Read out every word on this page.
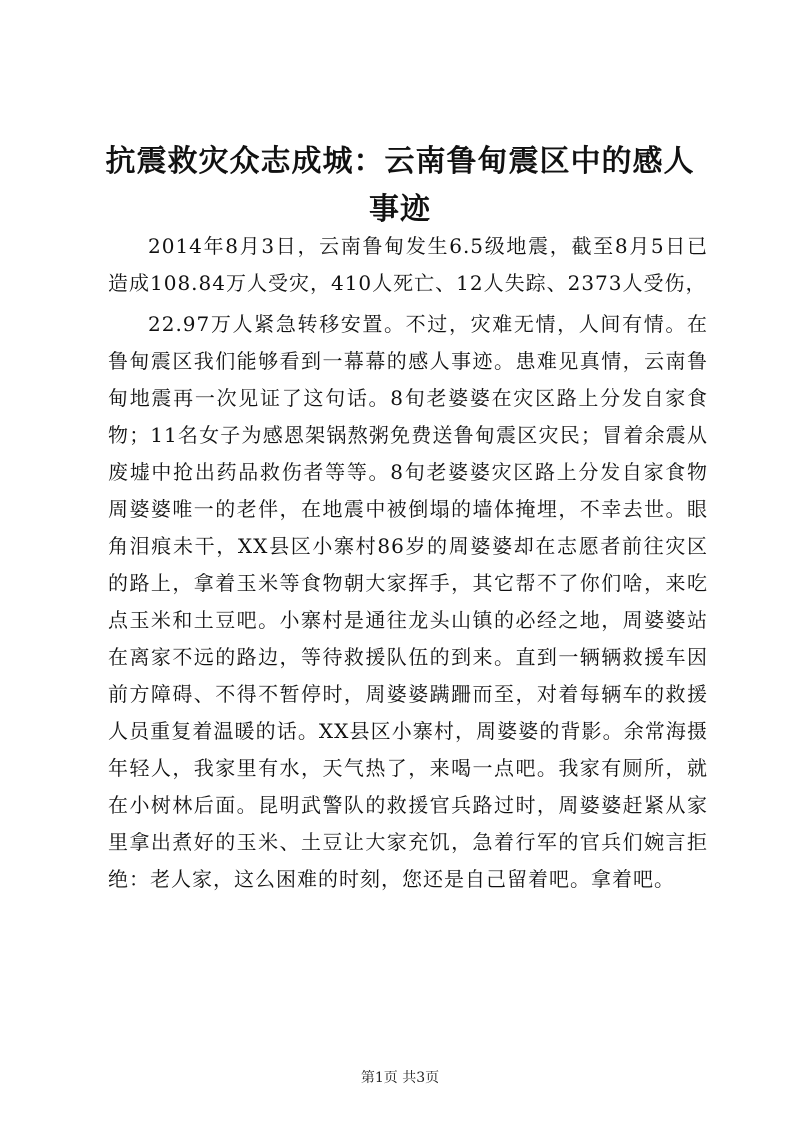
抗震救灾众志成城：云南鲁甸震区中的感人事迹

2014年8月3日，云南鲁甸发生6.5级地震，截至8月5日已造成108.84万人受灾，410人死亡、12人失踪、2373人受伤，

22.97万人紧急转移安置。不过，灾难无情，人间有情。在鲁甸震区我们能够看到一幕幕的感人事迹。患难见真情，云南鲁甸地震再一次见证了这句话。8旬老婆婆在灾区路上分发自家食物；11名女子为感恩架锅熬粥免费送鲁甸震区灾民；冒着余震从废墟中抢出药品救伤者等等。8旬老婆婆灾区路上分发自家食物周婆婆唯一的老伴，在地震中被倒塌的墙体掩埋，不幸去世。眼角泪痕未干，XX县区小寨村86岁的周婆婆却在志愿者前往灾区的路上，拿着玉米等食物朝大家挥手，其它帮不了你们啥，来吃点玉米和土豆吧。小寨村是通往龙头山镇的必经之地，周婆婆站在离家不远的路边，等待救援队伍的到来。直到一辆辆救援车因前方障碍、不得不暂停时，周婆婆蹒跚而至，对着每辆车的救援人员重复着温暖的话。XX县区小寨村，周婆婆的背影。余常海摄年轻人，我家里有水，天气热了，来喝一点吧。我家有厕所，就在小树林后面。昆明武警队的救援官兵路过时，周婆婆赶紧从家里拿出煮好的玉米、土豆让大家充饥，急着行军的官兵们婉言拒绝：老人家，这么困难的时刻，您还是自己留着吧。拿着吧。

第1页 共3页
